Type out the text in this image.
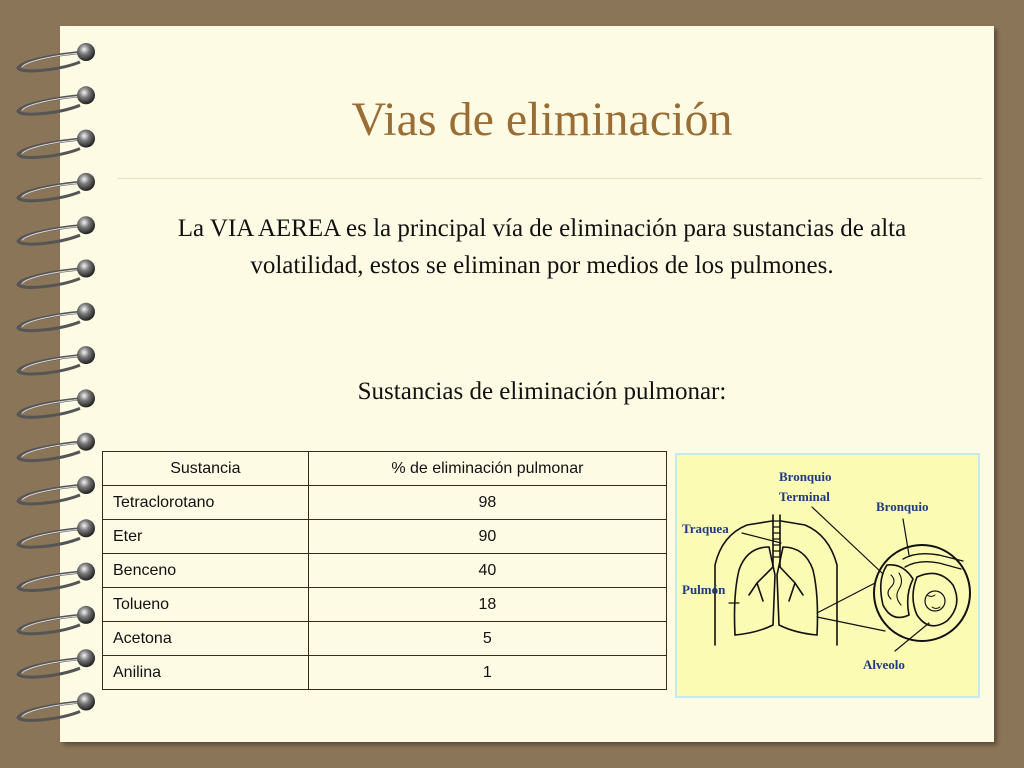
Vias de eliminación
La VIA AEREA es la principal vía de eliminación para sustancias de alta volatilidad, estos se eliminan por medios de los pulmones.
Sustancias de eliminación pulmonar:
Sustancia	% de eliminación pulmonar
Tetraclorotano	98
Eter	90
Benceno	40
Tolueno	18
Acetona	5
Anilina	1
Bronquio
Terminal
Bronquio
Traquea
Pulmón
Alveolo
